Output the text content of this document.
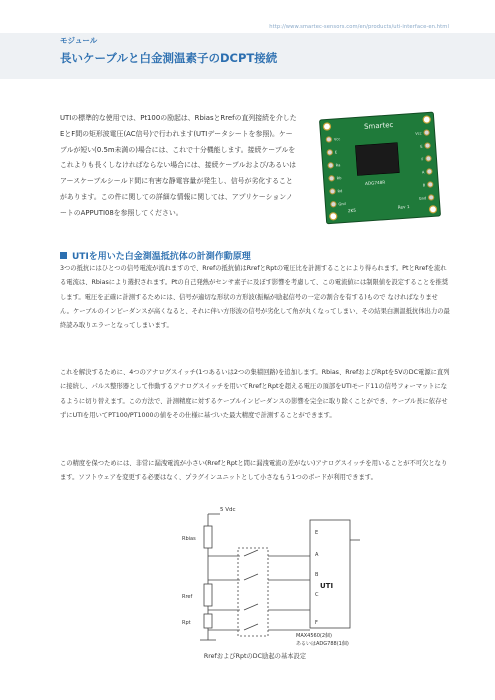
http://www.smartec-sensors.com/en/products/uti-interface-en.html
モジュール
長いケーブルと白金測温素子のDCPT接続
UTIの標準的な使用では、Pt100の励起は、RbiasとRrefの直列接続を介したEとF間の矩形波電圧(AC信号)で行われます(UTIデータシートを参照)。ケーブルが短い(0.5m未満の)場合には、これで十分機能します。接続ケーブルをこれよりも長くしなければならない場合には、接続ケーブルおよび/あるいはアースケーブルシールド間に有害な静電容量が発生し、信号が劣化することがあります。この件に関しての詳細な情報に関しては、アプリケーションノートのAPPUTI08を参照してください。
Smartec
Vcc
E
Ra
Rb
Rd
Gnd
Vcc
E
F
A
B
Gnd
ADG748R
2K5
Rev 1
UTIを用いた白金測温抵抗体の計測作動原理
3つの抵抗にはひとつの信号電流が流れますので、Rrefの抵抗値はRrefとRptの電圧比を計測することにより得られます。PtとRrefを流れる電流は、Rbiasにより選択されます。Ptの自己発熱がセンサ素子に及ぼす影響を考慮して、この電流値には制限値を設定することを推奨します。電圧を正確に計測するためには、信号が適切な形状の方形波(振幅が励起信号の一定の割合を有する)もので なければなりません。ケーブルのインピーダンスが高くなると、それに伴い方形波の信号が劣化して角が丸くなってしまい、その結果白測温抵抗体出力の最終読み取りエラーとなってしまいます。
これを解決するために、4つのアナログスイッチ(1つあるいは2つの集積回路)を追加します。Rbias、RrefおよびRptを5VのDC電源に直列に接続し、パルス整形器として作動するアナログスイッチを用いてRrefとRptを超える電圧の頂部をUTIモード11の信号フォーマットになるように切り替えます。この方法で、計測精度に対するケーブルインピーダンスの影響を完全に取り除くことができ、ケーブル長に依存せずにUTIを用いてPT100/PT1000の値をその仕様に基づいた最大精度で計測することができます。
この精度を保つためには、非常に漏洩電流が小さい(RrefとRptと間に漏洩電流の差がない)アナログスイッチを用いることが不可欠となります。ソフトウェアを変更する必要はなく、プラグインユニットとして小さなもう1つのボードが利用できます。
5 Vdc
Rbias
Rref
Rpt
E
A
B
C
F
UTI
MAX4560(2個)
あるいはADG788(1個)
RrefおよびRptのDC励起の基本設定
